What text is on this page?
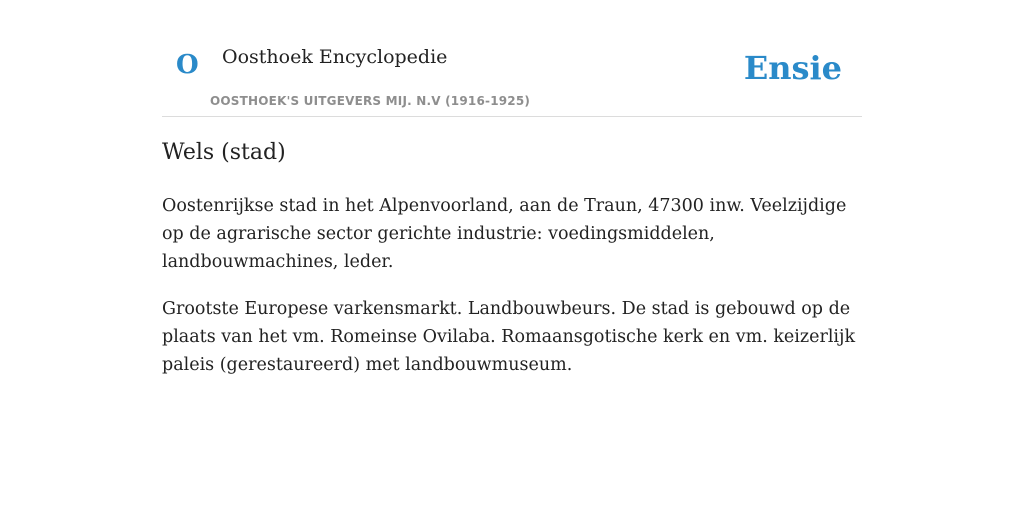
O Oosthoek Encyclopedie
OOSTHOEK'S UITGEVERS MIJ. N.V (1916-1925)
Ensie
Wels (stad)

Oostenrijkse stad in het Alpenvoorland, aan de Traun, 47300 inw. Veelzijdige op de agrarische sector gerichte industrie: voedingsmiddelen, landbouwmachines, leder.

Grootste Europese varkensmarkt. Landbouwbeurs. De stad is gebouwd op de plaats van het vm. Romeinse Ovilaba. Romaansgotische kerk en vm. keizerlijk paleis (gerestaureerd) met landbouwmuseum.
